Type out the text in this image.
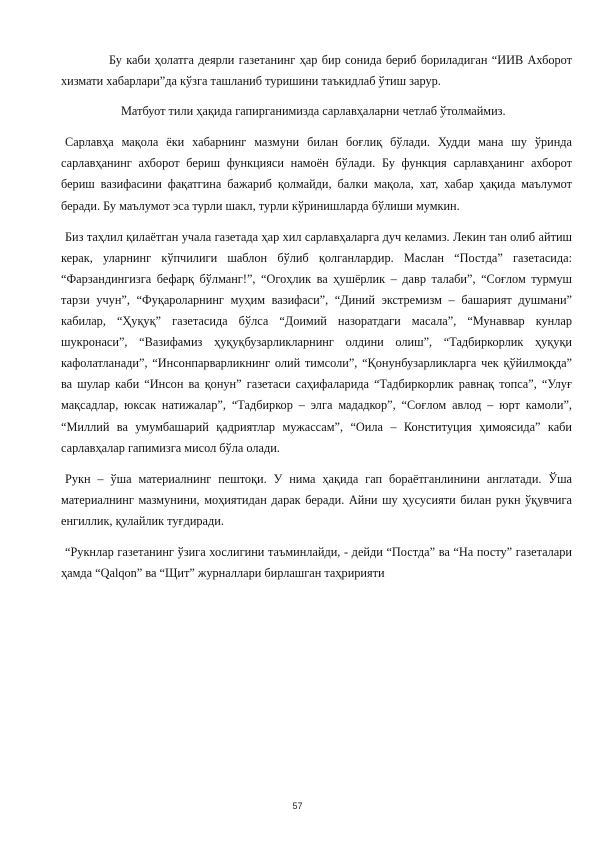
Бу каби ҳолатга деярли газетанинг ҳар бир сонида бериб бориладиган “ИИВ Ахборот хизмати хабарлари”да кўзга ташланиб туришини таъкидлаб ўтиш зарур.

Матбуот тили ҳақида гапирганимизда сарлавҳаларни четлаб ўтолмаймиз.

Сарлавҳа мақола ёки хабарнинг мазмуни билан боғлиқ бўлади. Худди мана шу ўринда сарлавҳанинг ахборот бериш функцияси намоён бўлади. Бу функция сарлавҳанинг ахборот бериш вазифасини фақатгина бажариб қолмайди, балки мақола, хат, хабар ҳақида маълумот беради. Бу маълумот эса турли шакл, турли кўринишларда бўлиши мумкин.

Биз таҳлил қилаётган учала газетада ҳар хил сарлавҳаларга дуч келамиз. Лекин тан олиб айтиш керак, уларнинг кўпчилиги шаблон бўлиб қолганлардир. Маслан “Постда” газетасида: “Фарзандингизга бефарқ бўлманг!”, “Огоҳлик ва ҳушёрлик – давр талаби”, “Соғлом турмуш тарзи учун”, “Фуқароларнинг муҳим вазифаси”, “Диний экстремизм – башарият душмани” кабилар, “Ҳуқуқ” газетасида бўлса “Доимий назоратдаги масала”, “Мунаввар кунлар шукронаси”, “Вазифамиз ҳуқуқбузарликларнинг олдини олиш”, “Тадбиркорлик ҳуқуқи кафолатланади”, “Инсонпарварликнинг олий тимсоли”, “Қонунбузарликларга чек қўйилмоқда” ва шулар каби “Инсон ва қонун” газетаси саҳифаларида “Тадбиркорлик равнақ топса”, “Улуғ мақсадлар, юксак натижалар”, “Тадбиркор – элга мададкор”, “Соғлом авлод – юрт камоли”, “Миллий ва умумбашарий қадриятлар мужассам”, “Оила – Конституция ҳимоясида” каби сарлавҳалар гапимизга мисол бўла олади.

Рукн – ўша материалнинг пештоқи. У нима ҳақида гап бораётганлинини англатади. Ўша материалнинг мазмунини, моҳиятидан дарак беради. Айни шу ҳусусияти билан рукн ўқувчига енгиллик, қулайлик туғдиради.

“Рукнлар газетанинг ўзига хослигини таъминлайди, - дейди “Постда” ва “На посту” газеталари ҳамда “Qalqon” ва “Щит” журналлари бирлашган таҳририяти

57
